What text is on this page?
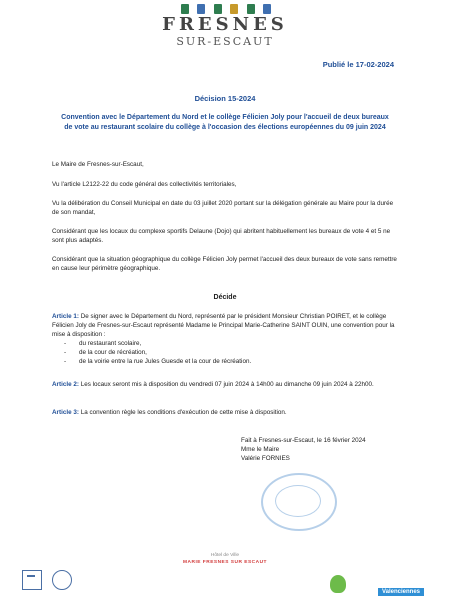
FRESNES
SUR-ESCAUT
Publié le 17-02-2024
Décision 15-2024
Convention avec le Département du Nord et le collège Félicien Joly pour l'accueil de deux bureaux de vote au restaurant scolaire du collège à l'occasion des élections européennes du 09 juin 2024
Le Maire de Fresnes-sur-Escaut,
Vu l'article L2122-22 du code général des collectivités territoriales,
Vu la délibération du Conseil Municipal en date du 03 juillet 2020 portant sur la délégation générale au Maire pour la durée de son mandat,
Considérant que les locaux du complexe sportifs Delaune (Dojo) qui abritent habituellement les bureaux de vote 4 et 5 ne sont plus adaptés.
Considérant que la situation géographique du collège Félicien Joly permet l'accueil des deux bureaux de vote sans remettre en cause leur périmètre géographique.
Décide
Article 1: De signer avec le Département du Nord, représenté par le président Monsieur Christian POIRET, et le collège Félicien Joly de Fresnes-sur-Escaut représenté Madame le Principal Marie-Catherine SAINT OUIN, une convention pour la mise à disposition :
- du restaurant scolaire,
- de la cour de récréation,
- de la voirie entre la rue Jules Guesde et la cour de récréation.
Article 2: Les locaux seront mis à disposition du vendredi 07 juin 2024 à 14h00 au dimanche 09 juin 2024 à 22h00.
Article 3: La convention règle les conditions d'exécution de cette mise à disposition.
Fait à Fresnes-sur-Escaut, le 16 février 2024
Mme le Maire
Valérie FORNIES
Hôtel de Ville
MARIE FRESNES SUR ESCAUT
Valenciennes
